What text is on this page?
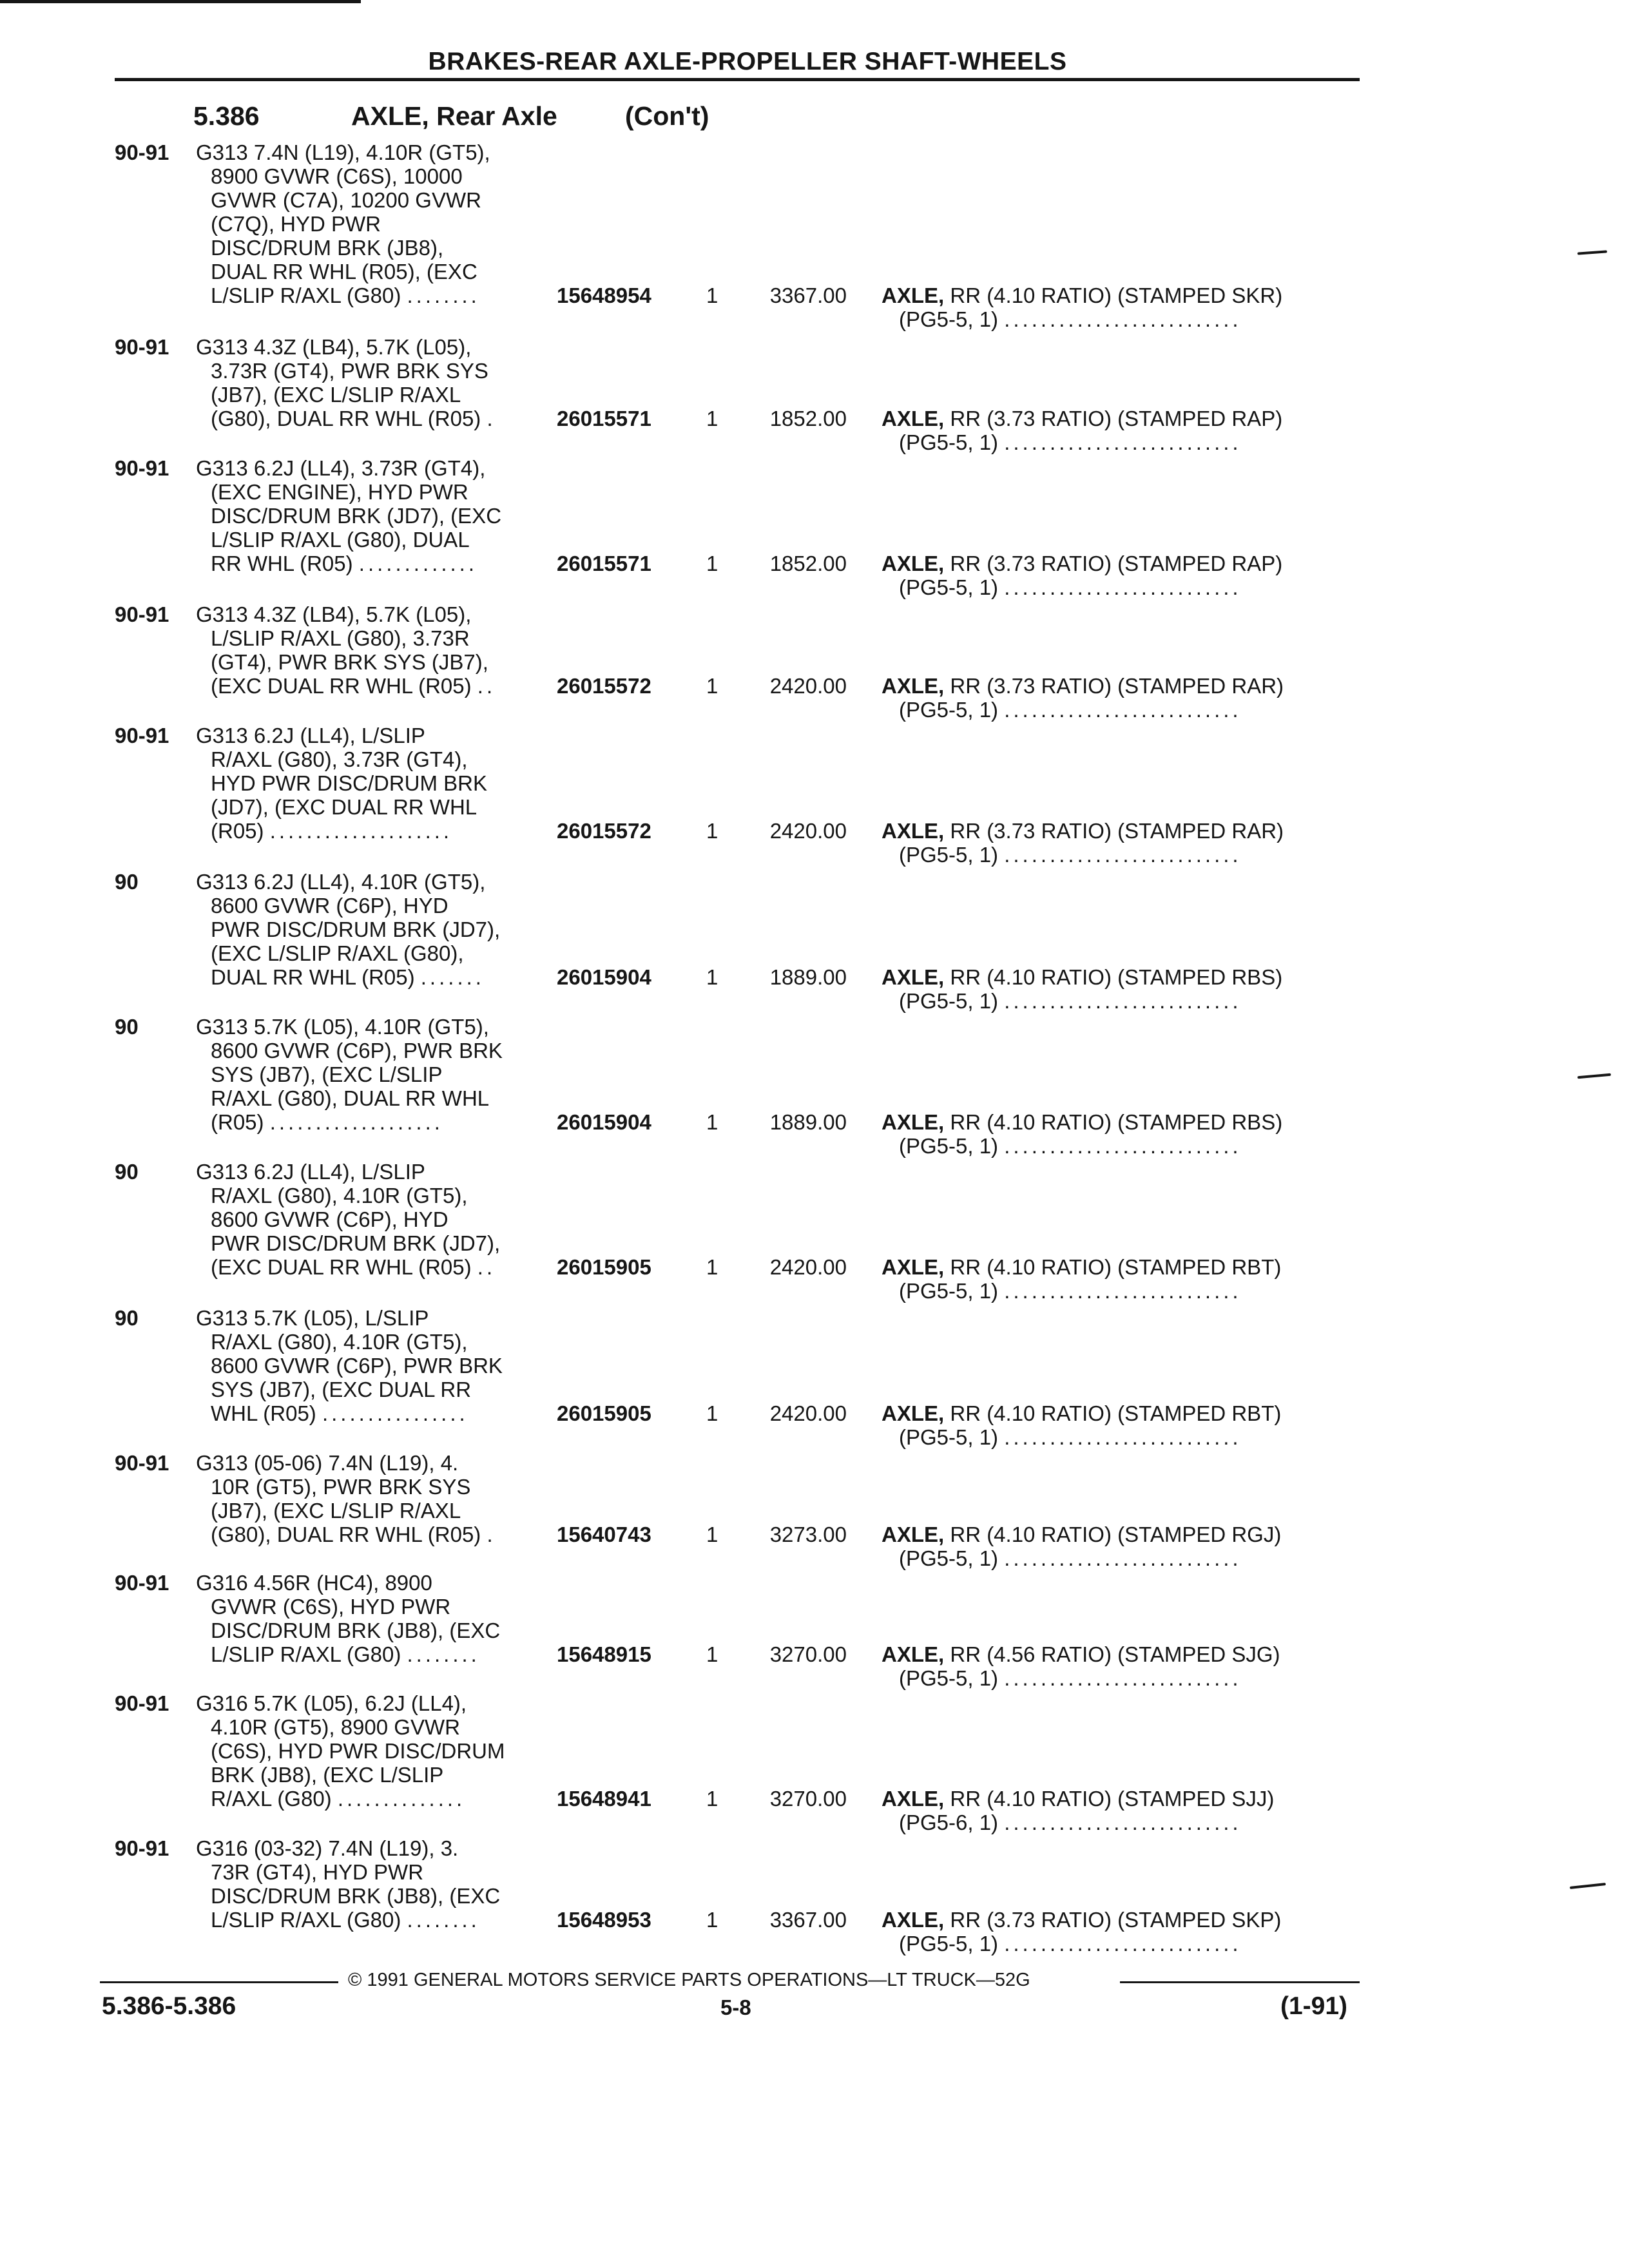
BRAKES-REAR AXLE-PROPELLER SHAFT-WHEELS
5.386	AXLE, Rear Axle	(Con't)
90-91 G313 7.4N (L19), 4.10R (GT5),
8900 GVWR (C6S), 10000
GVWR (C7A), 10200 GVWR
(C7Q), HYD PWR
DISC/DRUM BRK (JB8),
DUAL RR WHL (R05), (EXC
L/SLIP R/AXL (G80) ........	15648954	1	3367.00 AXLE, RR (4.10 RATIO) (STAMPED SKR)
(PG5-5, 1) ..........................
90-91 G313 4.3Z (LB4), 5.7K (L05),
3.73R (GT4), PWR BRK SYS
(JB7), (EXC L/SLIP R/AXL
(G80), DUAL RR WHL (R05) .	26015571	1	1852.00 AXLE, RR (3.73 RATIO) (STAMPED RAP)
(PG5-5, 1) ..........................
90-91 G313 6.2J (LL4), 3.73R (GT4),
(EXC ENGINE), HYD PWR
DISC/DRUM BRK (JD7), (EXC
L/SLIP R/AXL (G80), DUAL
RR WHL (R05) .............	26015571	1	1852.00 AXLE, RR (3.73 RATIO) (STAMPED RAP)
(PG5-5, 1) ..........................
90-91 G313 4.3Z (LB4), 5.7K (L05),
L/SLIP R/AXL (G80), 3.73R
(GT4), PWR BRK SYS (JB7),
(EXC DUAL RR WHL (R05) ..	26015572	1	2420.00 AXLE, RR (3.73 RATIO) (STAMPED RAR)
(PG5-5, 1) ..........................
90-91 G313 6.2J (LL4), L/SLIP
R/AXL (G80), 3.73R (GT4),
HYD PWR DISC/DRUM BRK
(JD7), (EXC DUAL RR WHL
(R05) ....................	26015572	1	2420.00 AXLE, RR (3.73 RATIO) (STAMPED RAR)
(PG5-5, 1) ..........................
90	G313 6.2J (LL4), 4.10R (GT5),
8600 GVWR (C6P), HYD
PWR DISC/DRUM BRK (JD7),
(EXC L/SLIP R/AXL (G80),
DUAL RR WHL (R05) .......	26015904	1	1889.00 AXLE, RR (4.10 RATIO) (STAMPED RBS)
(PG5-5, 1) ..........................
90	G313 5.7K (L05), 4.10R (GT5),
8600 GVWR (C6P), PWR BRK
SYS (JB7), (EXC L/SLIP
R/AXL (G80), DUAL RR WHL
(R05) ...................	26015904	1	1889.00 AXLE, RR (4.10 RATIO) (STAMPED RBS)
(PG5-5, 1) ..........................
90	G313 6.2J (LL4), L/SLIP
R/AXL (G80), 4.10R (GT5),
8600 GVWR (C6P), HYD
PWR DISC/DRUM BRK (JD7),
(EXC DUAL RR WHL (R05) ..	26015905	1	2420.00 AXLE, RR (4.10 RATIO) (STAMPED RBT)
(PG5-5, 1) ..........................
90	G313 5.7K (L05), L/SLIP
R/AXL (G80), 4.10R (GT5),
8600 GVWR (C6P), PWR BRK
SYS (JB7), (EXC DUAL RR
WHL (R05) ................	26015905	1	2420.00 AXLE, RR (4.10 RATIO) (STAMPED RBT)
(PG5-5, 1) ..........................
90-91 G313 (05-06) 7.4N (L19), 4.
10R (GT5), PWR BRK SYS
(JB7), (EXC L/SLIP R/AXL
(G80), DUAL RR WHL (R05) .	15640743	1	3273.00 AXLE, RR (4.10 RATIO) (STAMPED RGJ)
(PG5-5, 1) ..........................
90-91 G316 4.56R (HC4), 8900
GVWR (C6S), HYD PWR
DISC/DRUM BRK (JB8), (EXC
L/SLIP R/AXL (G80) ........	15648915	1	3270.00 AXLE, RR (4.56 RATIO) (STAMPED SJG)
(PG5-5, 1) ..........................
90-91 G316 5.7K (L05), 6.2J (LL4),
4.10R (GT5), 8900 GVWR
(C6S), HYD PWR DISC/DRUM
BRK (JB8), (EXC L/SLIP
R/AXL (G80) ..............	15648941	1	3270.00 AXLE, RR (4.10 RATIO) (STAMPED SJJ)
(PG5-6, 1) ..........................
90-91 G316 (03-32) 7.4N (L19), 3.
73R (GT4), HYD PWR
DISC/DRUM BRK (JB8), (EXC
L/SLIP R/AXL (G80) ........	15648953	1	3367.00 AXLE, RR (3.73 RATIO) (STAMPED SKP)
(PG5-5, 1) ..........................
© 1991 GENERAL MOTORS SERVICE PARTS OPERATIONS—LT TRUCK—52G
5.386-5.386	5-8	(1-91)
